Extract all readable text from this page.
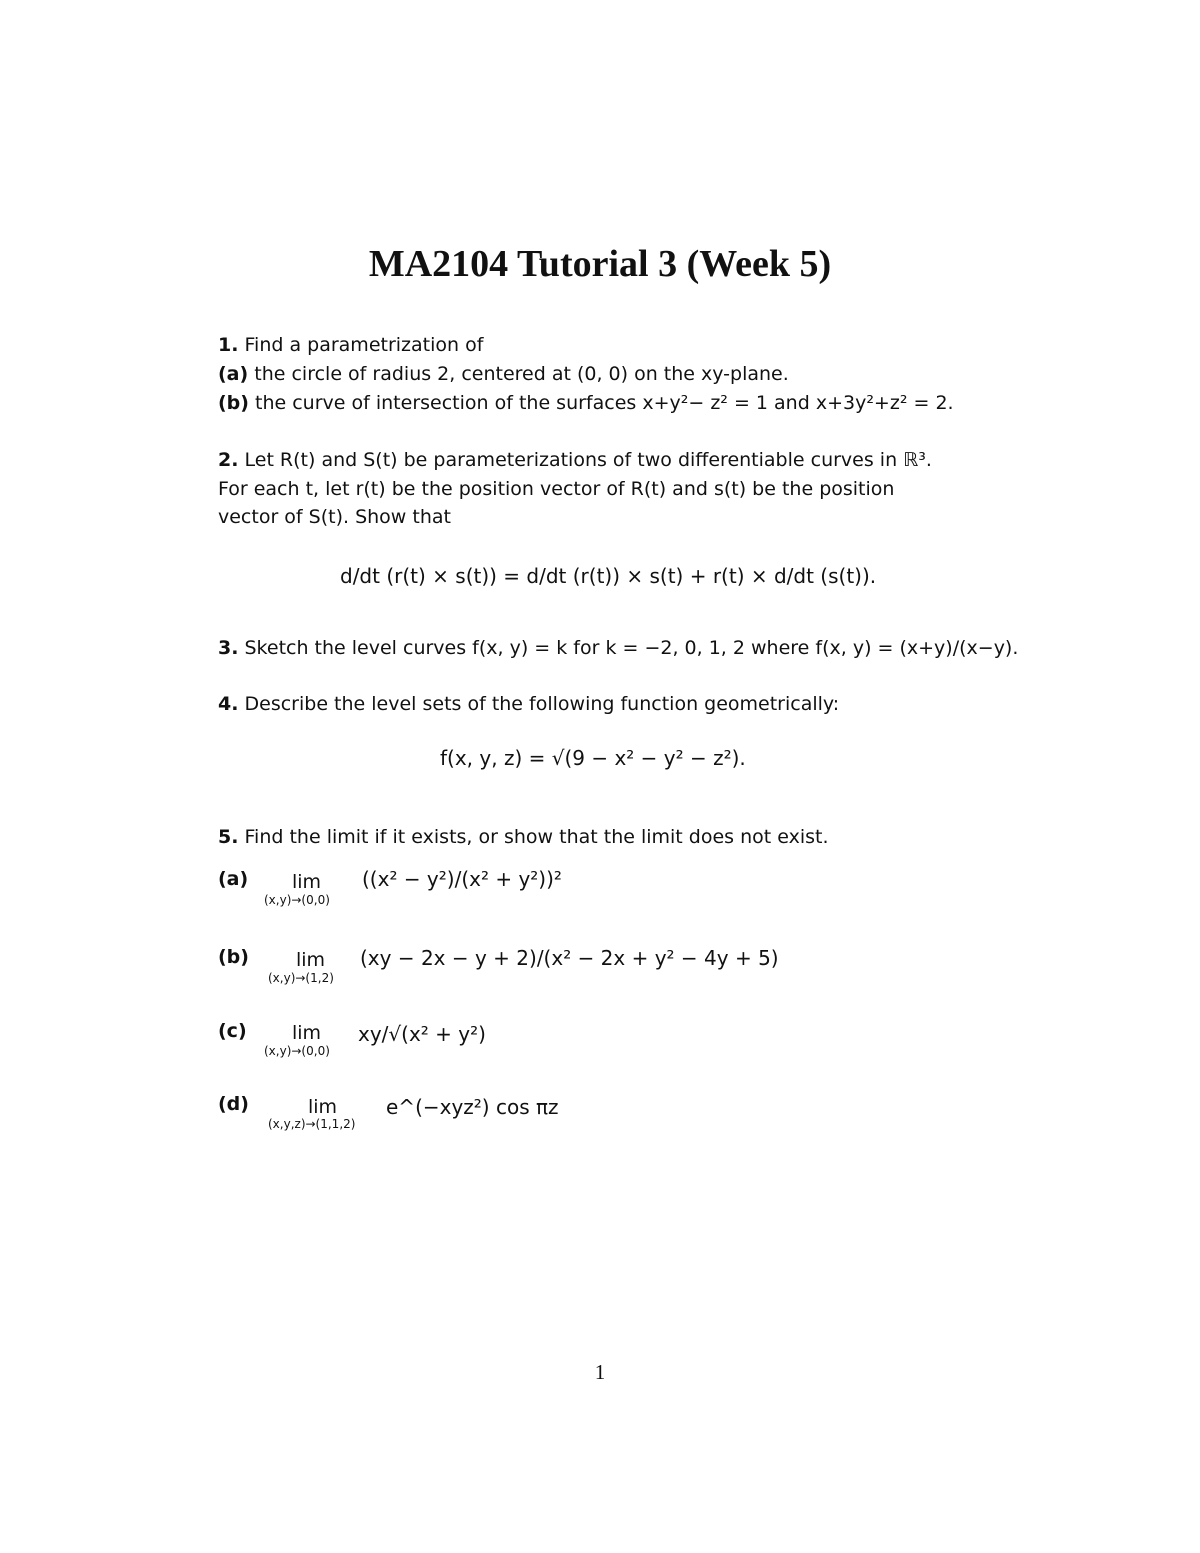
MA2104 Tutorial 3 (Week 5)
1. Find a parametrization of
(a) the circle of radius 2, centered at (0, 0) on the xy-plane.
(b) the curve of intersection of the surfaces x+y²− z² = 1 and x+3y²+z² = 2.
2. Let R(t) and S(t) be parameterizations of two differentiable curves in ℝ³.
For each t, let r(t) be the position vector of R(t) and s(t) be the position
vector of S(t). Show that
d/dt (r(t) × s(t)) = d/dt (r(t)) × s(t) + r(t) × d/dt (s(t)).
3. Sketch the level curves f(x, y) = k for k = −2, 0, 1, 2 where f(x, y) = (x+y)/(x−y).
4. Describe the level sets of the following function geometrically:
f(x, y, z) = √(9 − x² − y² − z²).
5. Find the limit if it exists, or show that the limit does not exist.
(a) lim
(x,y)→(0,0)
((x² − y²)/(x² + y²))²
(b) lim
(x,y)→(1,2)
(xy − 2x − y + 2)/(x² − 2x + y² − 4y + 5)
(c) lim
(x,y)→(0,0)
xy/√(x² + y²)
(d)	lim
(x,y,z)→(1,1,2)
e^(−xyz²) cos πz
1
